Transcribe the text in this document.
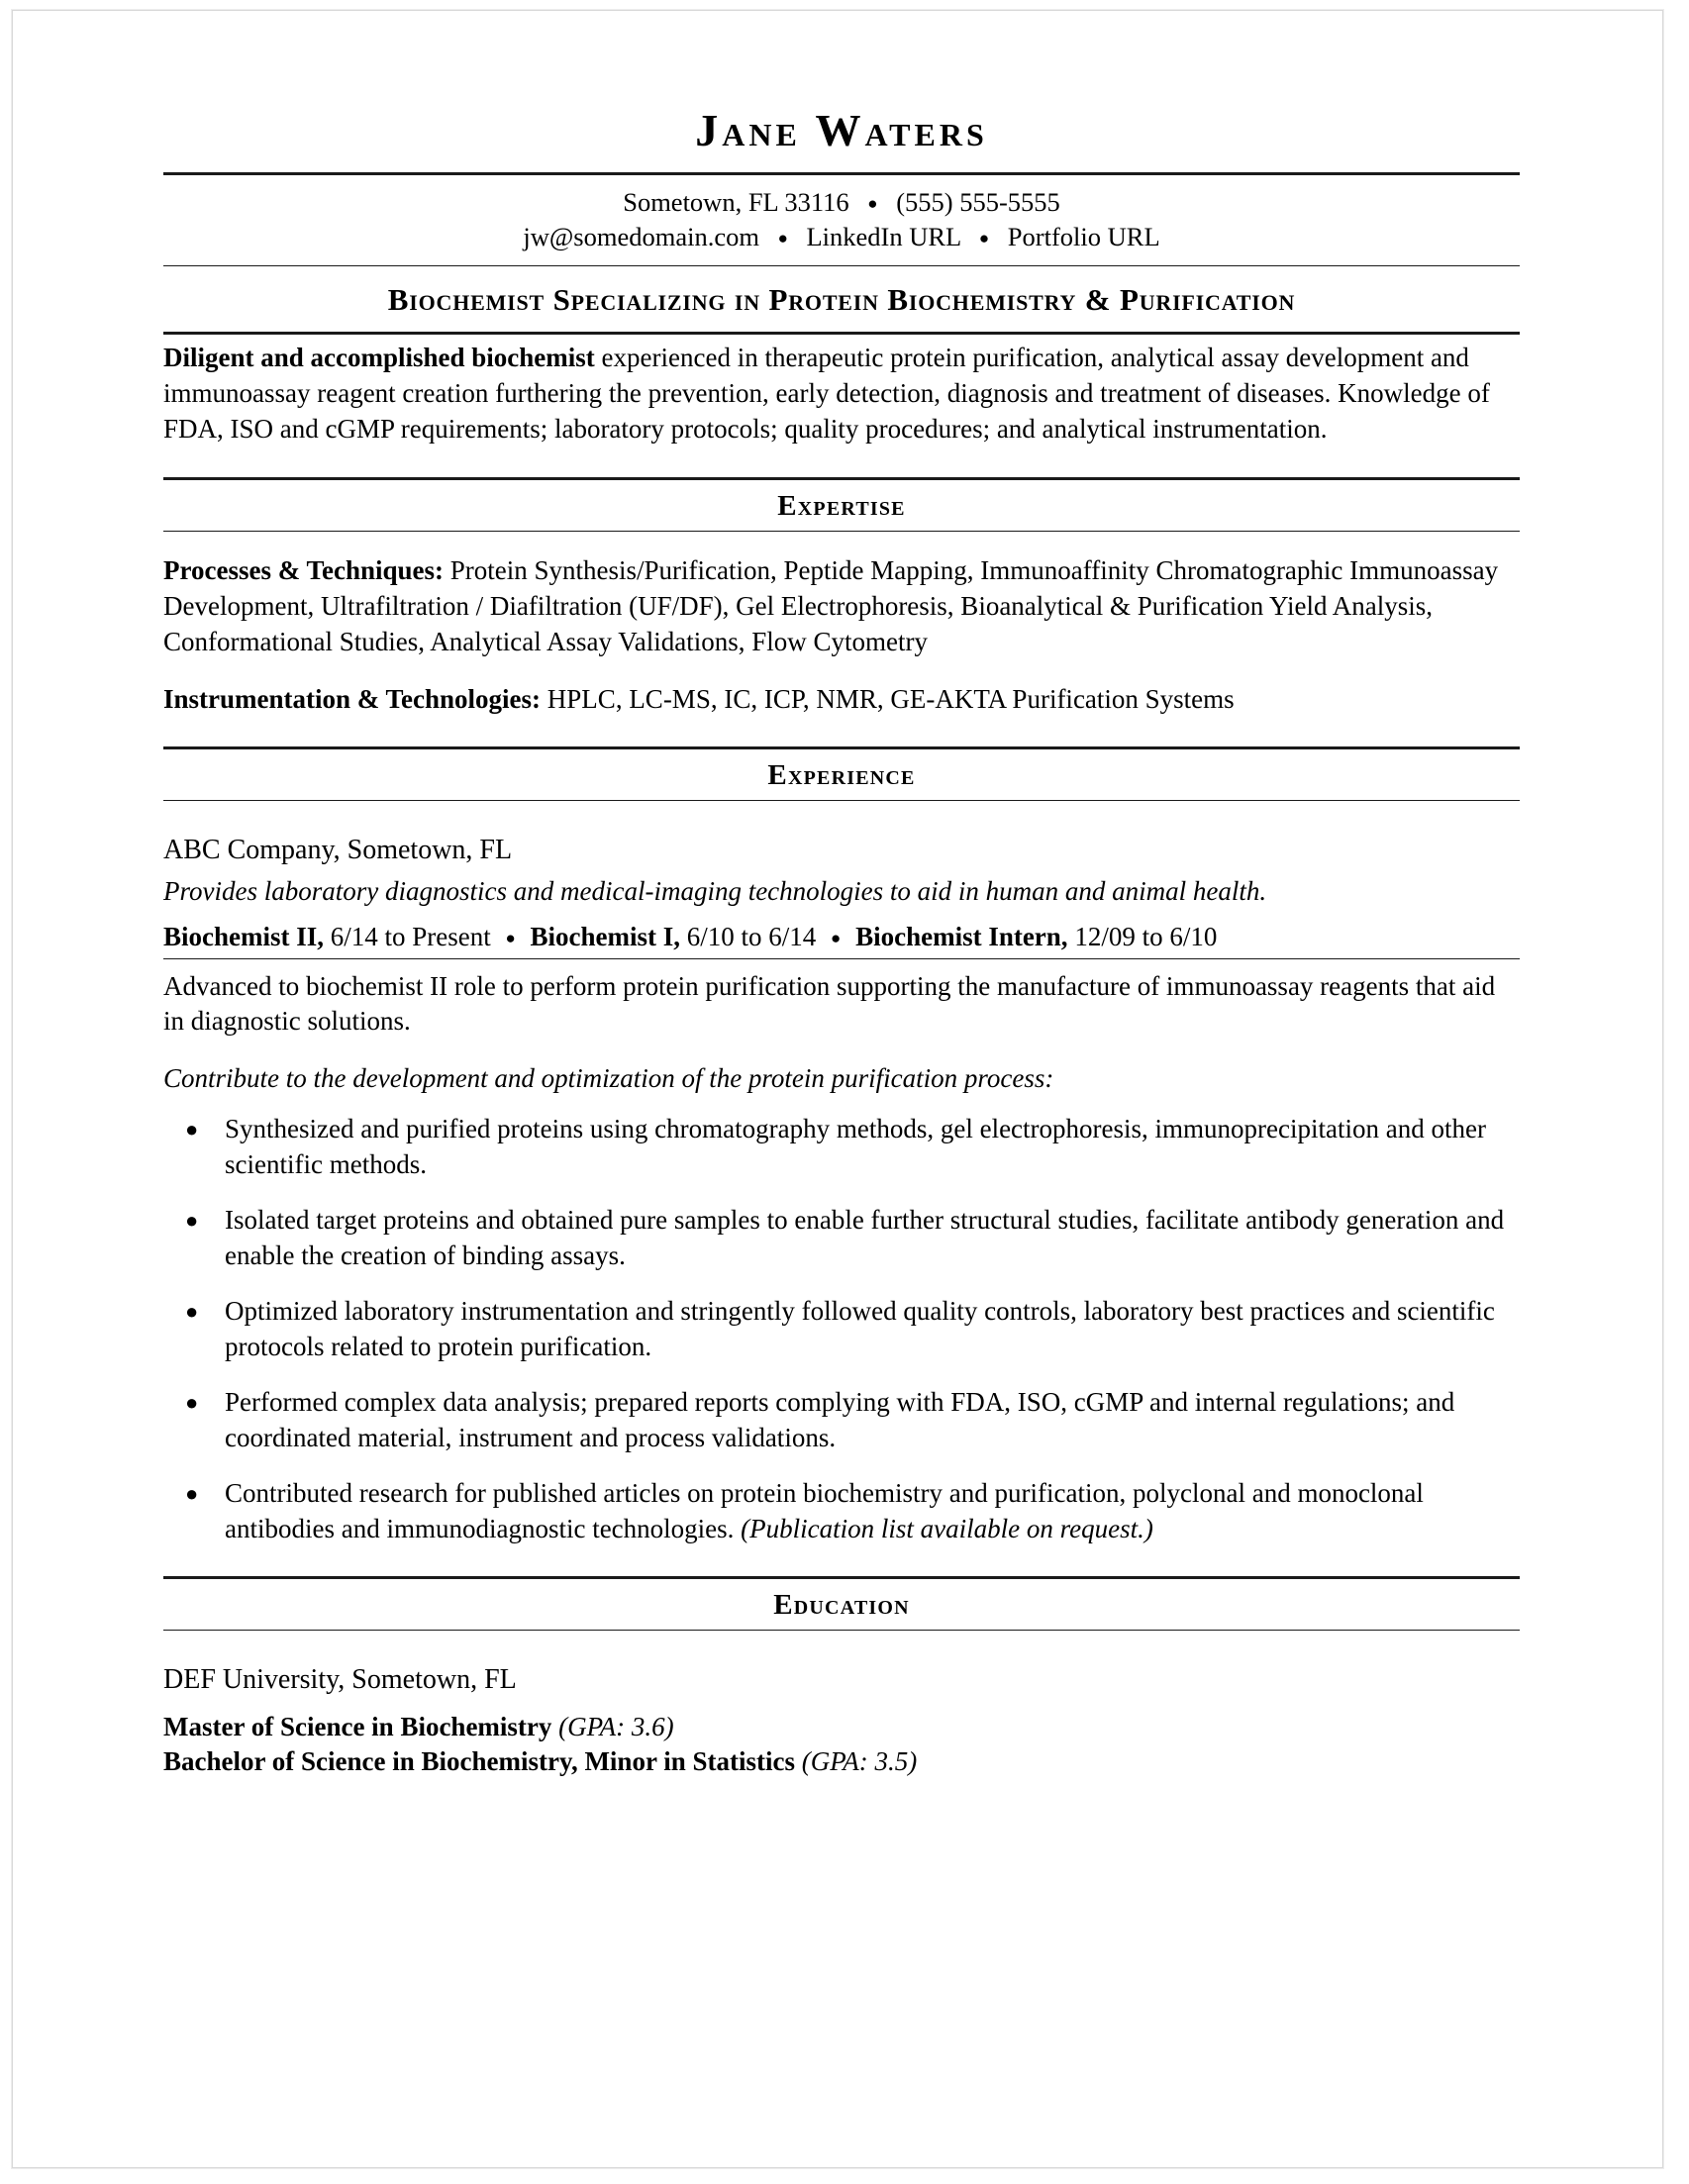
Jane Waters
Sometown, FL 33116 ● (555) 555-5555
jw@somedomain.com ● LinkedIn URL ● Portfolio URL
Biochemist Specializing in Protein Biochemistry & Purification

Diligent and accomplished biochemist experienced in therapeutic protein purification, analytical assay development and immunoassay reagent creation furthering the prevention, early detection, diagnosis and treatment of diseases. Knowledge of FDA, ISO and cGMP requirements; laboratory protocols; quality procedures; and analytical instrumentation.

Expertise

Processes & Techniques: Protein Synthesis/Purification, Peptide Mapping, Immunoaffinity Chromatographic Immunoassay Development, Ultrafiltration / Diafiltration (UF/DF), Gel Electrophoresis, Bioanalytical & Purification Yield Analysis, Conformational Studies, Analytical Assay Validations, Flow Cytometry

Instrumentation & Technologies: HPLC, LC-MS, IC, ICP, NMR, GE-AKTA Purification Systems

Experience
ABC Company, Sometown, FL
Provides laboratory diagnostics and medical-imaging technologies to aid in human and animal health.
Biochemist II, 6/14 to Present ● Biochemist I, 6/10 to 6/14 ● Biochemist Intern, 12/09 to 6/10
Advanced to biochemist II role to perform protein purification supporting the manufacture of immunoassay reagents that aid in diagnostic solutions.
Contribute to the development and optimization of the protein purification process:
● Synthesized and purified proteins using chromatography methods, gel electrophoresis, immunoprecipitation and other scientific methods.
● Isolated target proteins and obtained pure samples to enable further structural studies, facilitate antibody generation and enable the creation of binding assays.
● Optimized laboratory instrumentation and stringently followed quality controls, laboratory best practices and scientific protocols related to protein purification.
● Performed complex data analysis; prepared reports complying with FDA, ISO, cGMP and internal regulations; and coordinated material, instrument and process validations.
● Contributed research for published articles on protein biochemistry and purification, polyclonal and monoclonal antibodies and immunodiagnostic technologies. (Publication list available on request.)
Education
DEF University, Sometown, FL
Master of Science in Biochemistry (GPA: 3.6)
Bachelor of Science in Biochemistry, Minor in Statistics (GPA: 3.5)
